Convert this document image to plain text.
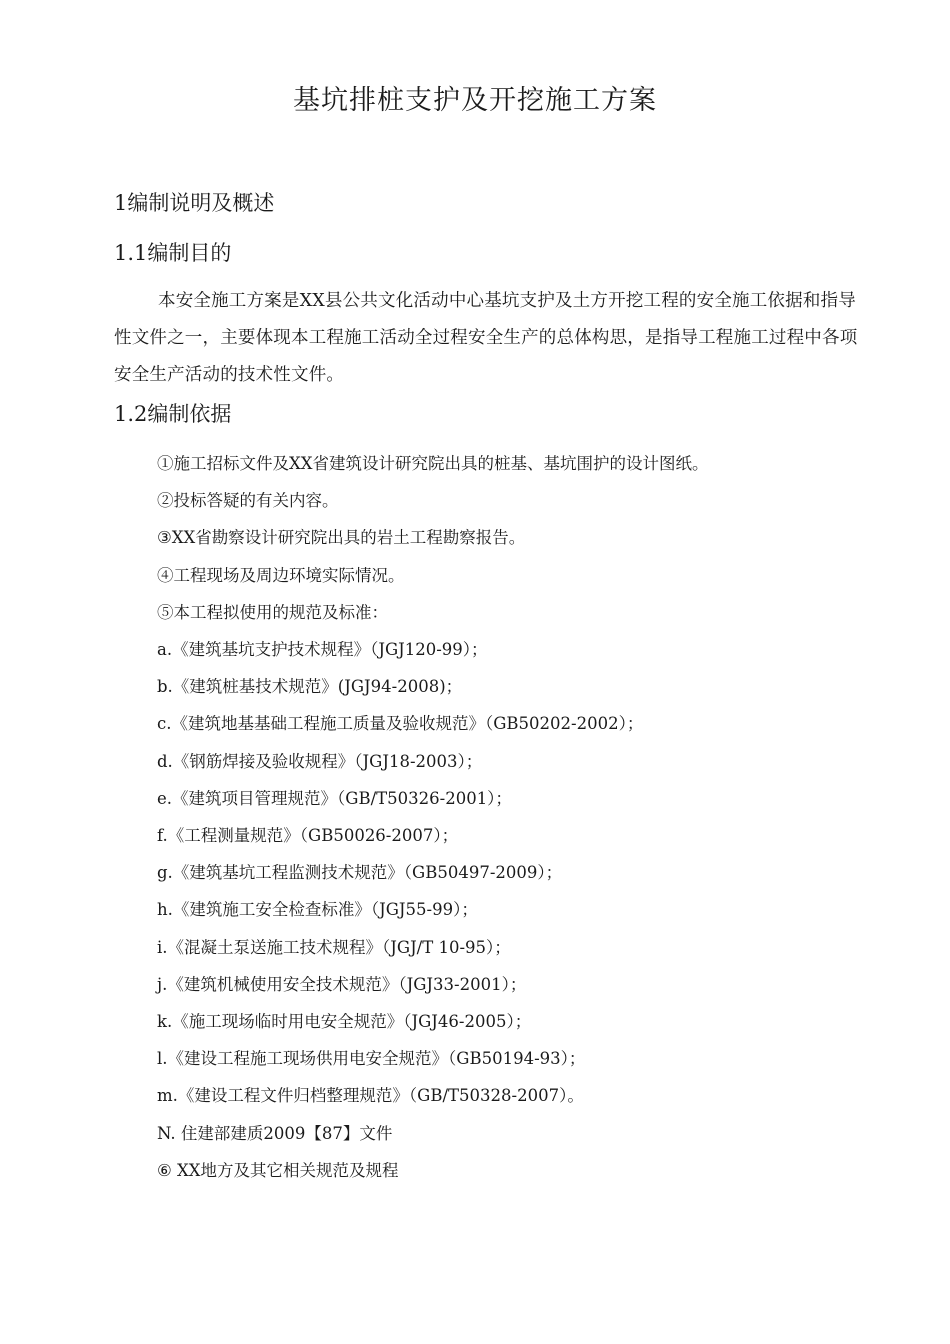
基坑排桩支护及开挖施工方案
1编制说明及概述
1.1编制目的
本安全施工方案是XX县公共文化活动中心基坑支护及土方开挖工程的安全施工依据和指导性文件之一，主要体现本工程施工活动全过程安全生产的总体构思，是指导工程施工过程中各项安全生产活动的技术性文件。
1.2编制依据
①施工招标文件及XX省建筑设计研究院出具的桩基、基坑围护的设计图纸。
②投标答疑的有关内容。
③XX省勘察设计研究院出具的岩土工程勘察报告。
④工程现场及周边环境实际情况。
⑤本工程拟使用的规范及标准：
a.《建筑基坑支护技术规程》（JGJ120-99）；
b.《建筑桩基技术规范》(JGJ94-2008)；
c.《建筑地基基础工程施工质量及验收规范》（GB50202-2002）；
d.《钢筋焊接及验收规程》（JGJ18-2003）；
e.《建筑项目管理规范》（GB/T50326-2001）；
f.《工程测量规范》（GB50026-2007）；
g.《建筑基坑工程监测技术规范》（GB50497-2009）；
h.《建筑施工安全检查标准》（JGJ55-99）；
i.《混凝土泵送施工技术规程》（JGJ/T 10-95）；
j.《建筑机械使用安全技术规范》（JGJ33-2001）；
k.《施工现场临时用电安全规范》（JGJ46-2005）；
l.《建设工程施工现场供用电安全规范》（GB50194-93）；
m.《建设工程文件归档整理规范》（GB/T50328-2007）。
N. 住建部建质2009【87】文件
⑥ XX地方及其它相关规范及规程
